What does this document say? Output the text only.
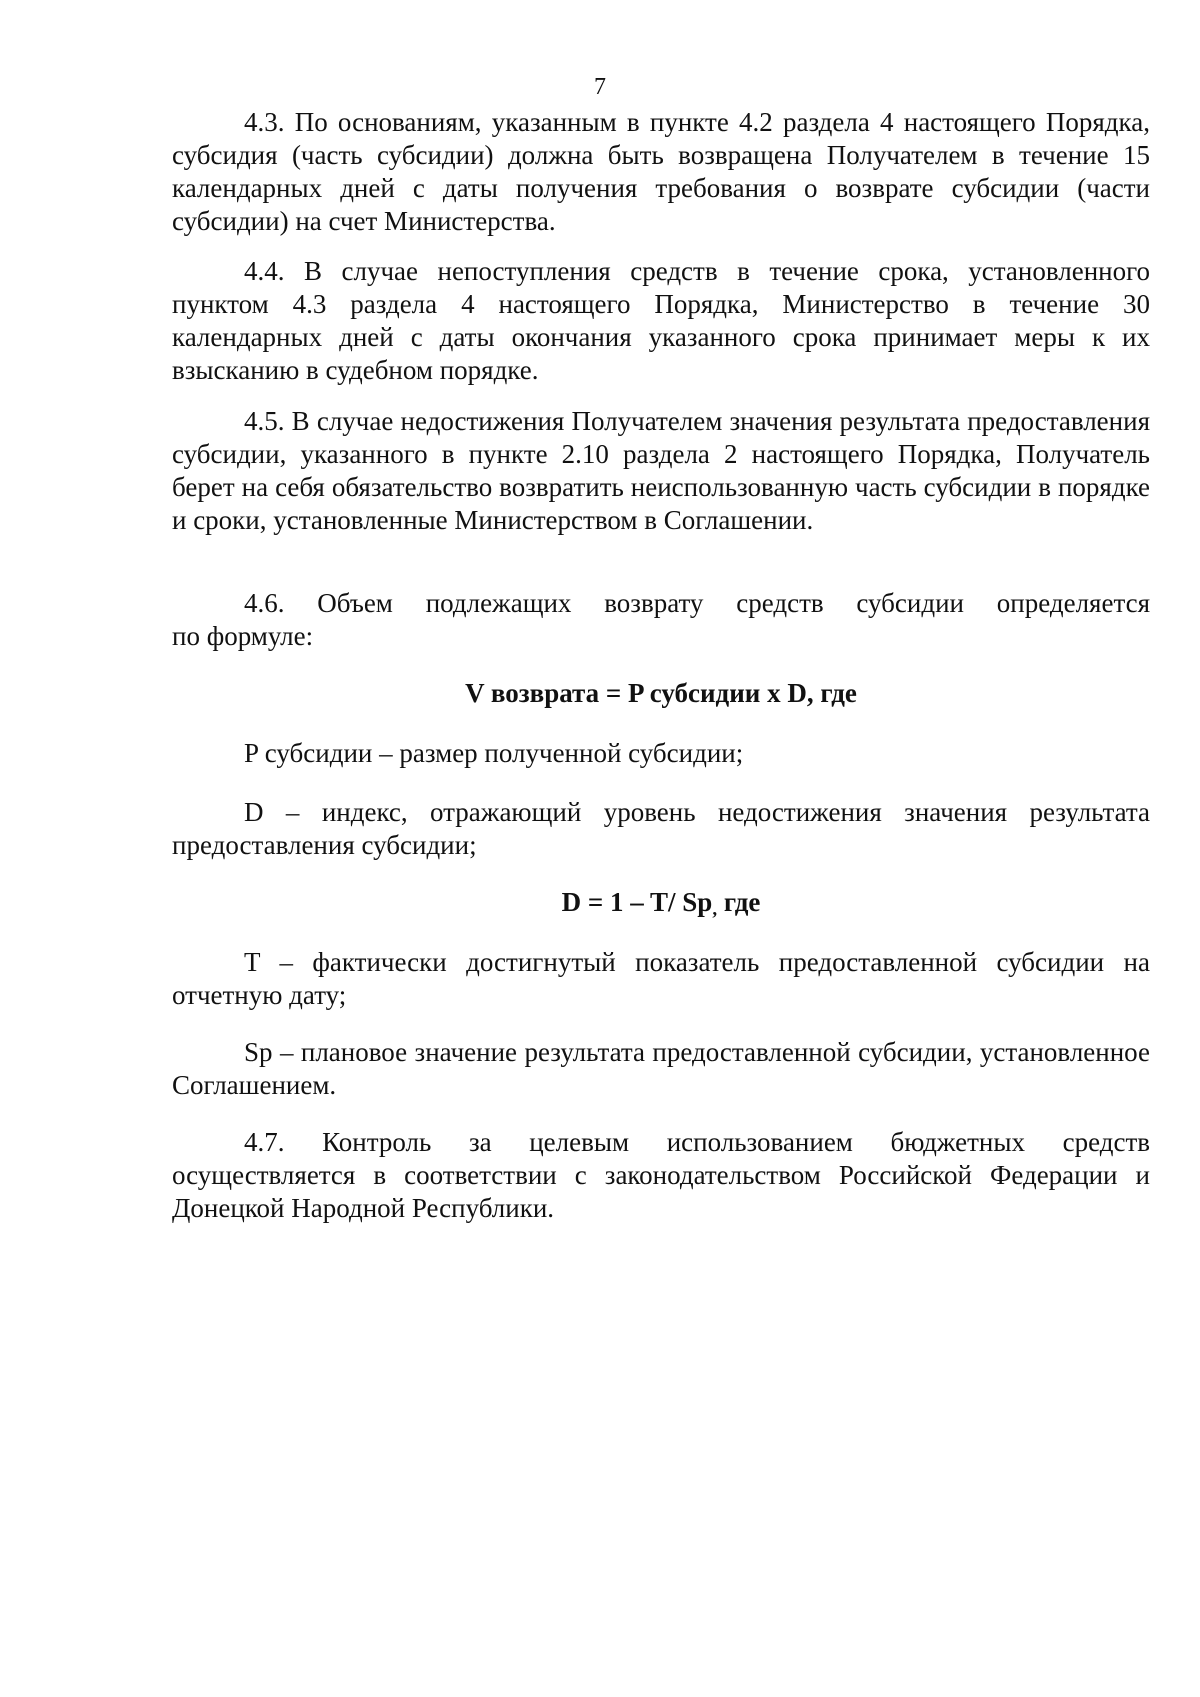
7
4.3. По основаниям, указанным в пункте 4.2 раздела 4 настоящего Порядка, субсидия (часть субсидии) должна быть возвращена Получателем в течение 15 календарных дней с даты получения требования о возврате субсидии (части субсидии) на счет Министерства.
4.4. В случае непоступления средств в течение срока, установленного пунктом 4.3 раздела 4 настоящего Порядка, Министерство в течение 30 календарных дней с даты окончания указанного срока принимает меры к их взысканию в судебном порядке.
4.5. В случае недостижения Получателем значения результата предоставления субсидии, указанного в пункте 2.10 раздела 2 настоящего Порядка, Получатель берет на себя обязательство возвратить неиспользованную часть субсидии в порядке и сроки, установленные Министерством в Соглашении.
4.6. Объем подлежащих возврату средств субсидии определяется
по формуле:
V возврата = P субсидии x D, где
P субсидии – размер полученной субсидии;
D – индекс, отражающий уровень недостижения значения результата предоставления субсидии;
D = 1 – T/ Sp, где
T – фактически достигнутый показатель предоставленной субсидии на отчетную дату;
Sp – плановое значение результата предоставленной субсидии, установленное Соглашением.
4.7. Контроль за целевым использованием бюджетных средств осуществляется в соответствии с законодательством Российской Федерации и Донецкой Народной Республики.
